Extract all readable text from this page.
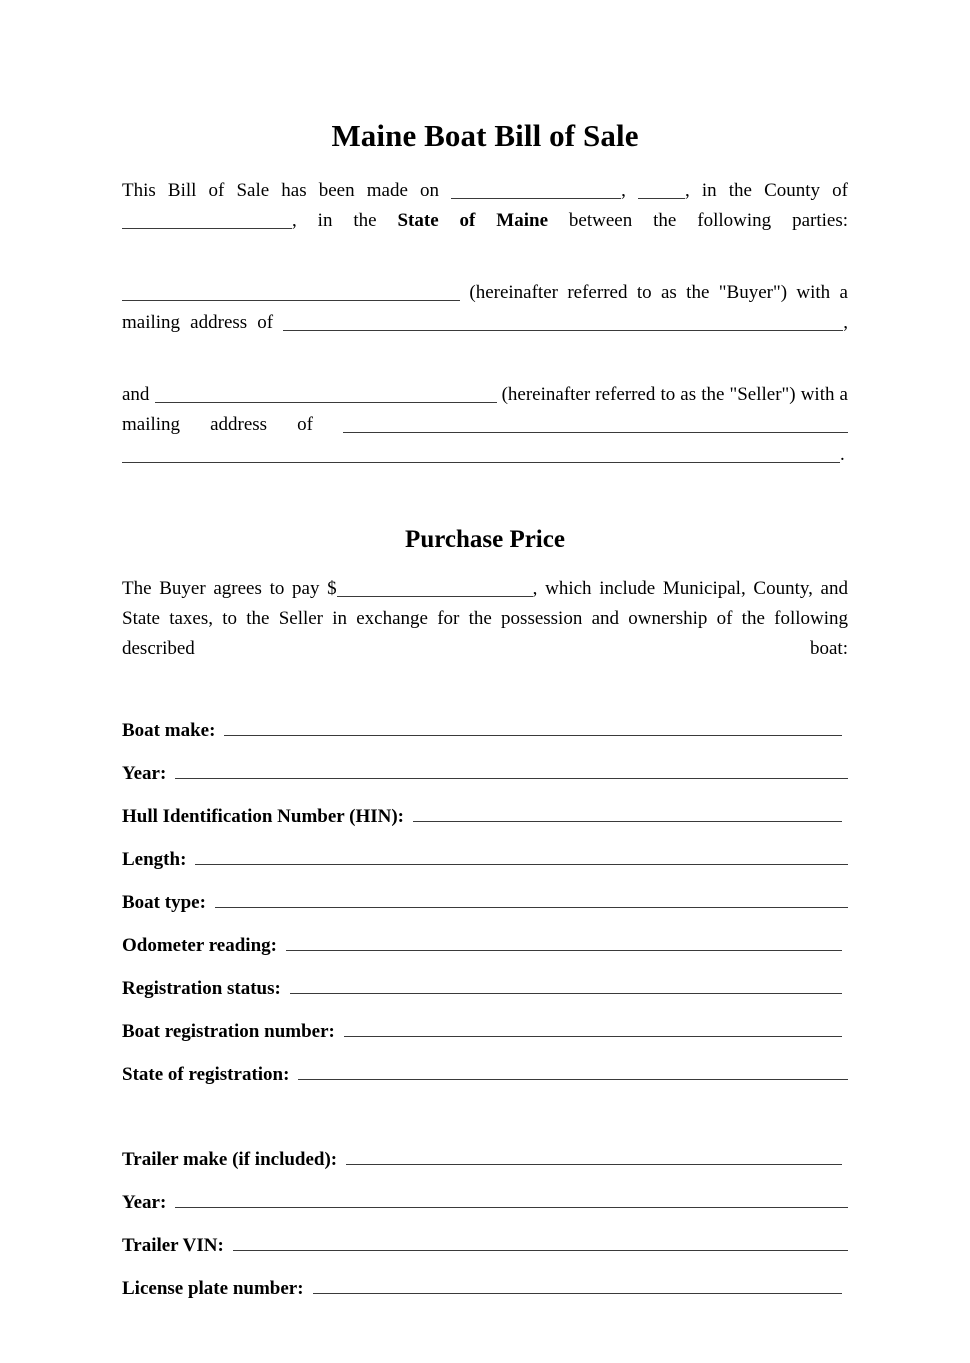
Maine Boat Bill of Sale

This Bill of Sale has been made on	, , in the County of , in the State of Maine between the following parties:

(hereinafter referred to as the "Buyer") with a mailing address of	,

and	(hereinafter referred to as the "Seller") with a mailing address of .

Purchase Price

The Buyer agrees to pay $	, which include Municipal, County, and State taxes, to the Seller in exchange for the possession and ownership of the following described boat:

Boat make:
Year:
Hull Identification Number (HIN):
Length:
Boat type:
Odometer reading:
Registration status:
Boat registration number:
State of registration:
Trailer make (if included):
Year:
Trailer VIN:
License plate number:
